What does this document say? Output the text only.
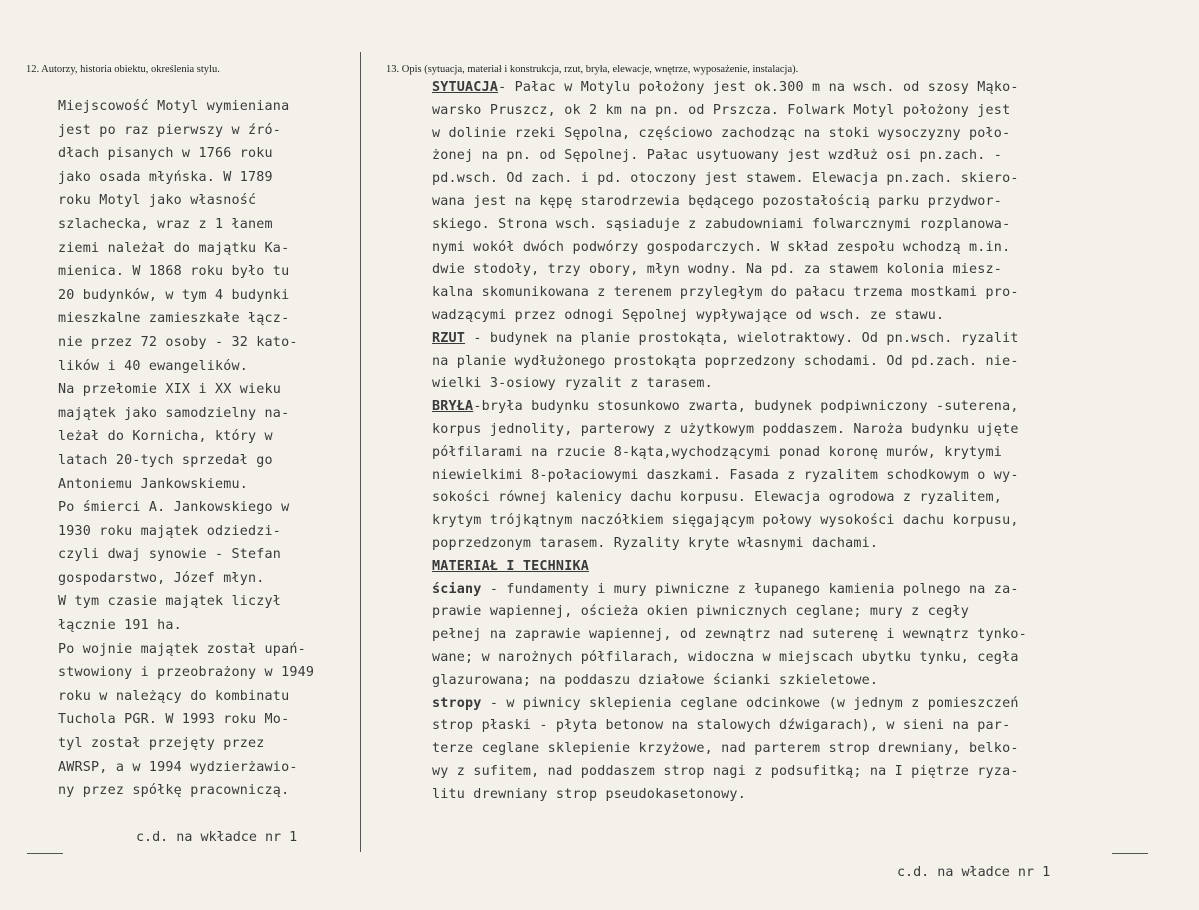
12. Autorzy, historia obiektu, określenia stylu.	13. Opis (sytuacja, materiał i konstrukcja, rzut, bryła, elewacje, wnętrze, wyposażenie, instalacja).
Miejscowość Motyl wymieniana
jest po raz pierwszy w źró-
dłach pisanych w 1766 roku
jako osada młyńska. W 1789
roku Motyl jako własność
szlachecka, wraz z 1 łanem
ziemi należał do majątku Ka-
mienica. W 1868 roku było tu
20 budynków, w tym 4 budynki
mieszkalne zamieszkałe łącz-
nie przez 72 osoby - 32 kato-
lików i 40 ewangelików.
Na przełomie XIX i XX wieku
majątek jako samodzielny na-
leżał do Kornicha, który w
latach 20-tych sprzedał go
Antoniemu Jankowskiemu.
Po śmierci A. Jankowskiego w
1930 roku majątek odziedzi-
czyli dwaj synowie - Stefan
gospodarstwo, Józef młyn.
W tym czasie majątek liczył
łącznie 191 ha.
Po wojnie majątek został upań-
stwowiony i przeobrażony w 1949
roku w należący do kombinatu
Tuchola PGR. W 1993 roku Mo-
tyl został przejęty przez
AWRSP, a w 1994 wydzierżawio-
ny przez spółkę pracowniczą.
c.d. na wkładce nr 1
SYTUACJA- Pałac w Motylu położony jest ok.300 m na wsch. od szosy Mąko-
warsko Pruszcz, ok 2 km na pn. od Prszcza. Folwark Motyl położony jest
w dolinie rzeki Sępolna, częściowo zachodząc na stoki wysoczyzny poło-
żonej na pn. od Sępolnej. Pałac usytuowany jest wzdłuż osi pn.zach. -
pd.wsch. Od zach. i pd. otoczony jest stawem. Elewacja pn.zach. skiero-
wana jest na kępę starodrzewia będącego pozostałością parku przydwor-
skiego. Strona wsch. sąsiaduje z zabudowniami folwarcznymi rozplanowa-
nymi wokół dwóch podwórzy gospodarczych. W skład zespołu wchodzą m.in.
dwie stodoły, trzy obory, młyn wodny. Na pd. za stawem kolonia miesz-
kalna skomunikowana z terenem przyległym do pałacu trzema mostkami pro-
wadzącymi przez odnogi Sępolnej wypływające od wsch. ze stawu.
RZUT - budynek na planie prostokąta, wielotraktowy. Od pn.wsch. ryzalit
na planie wydłużonego prostokąta poprzedzony schodami. Od pd.zach. nie-
wielki 3-osiowy ryzalit z tarasem.
BRYŁA-bryła budynku stosunkowo zwarta, budynek podpiwniczony -suterena,
korpus jednolity, parterowy z użytkowym poddaszem. Naroża budynku ujęte
półfilarami na rzucie 8-kąta,wychodzącymi ponad koronę murów, krytymi
niewielkimi 8-połaciowymi daszkami. Fasada z ryzalitem schodkowym o wy-
sokości równej kalenicy dachu korpusu. Elewacja ogrodowa z ryzalitem,
krytym trójkątnym naczółkiem sięgającym połowy wysokości dachu korpusu,
poprzedzonym tarasem. Ryzality kryte własnymi dachami.
MATERIAŁ I TECHNIKA
ściany - fundamenty i mury piwniczne z łupanego kamienia polnego na za-
prawie wapiennej, ościeża okien piwnicznych ceglane; mury z cegły
pełnej na zaprawie wapiennej, od zewnątrz nad suterenę i wewnątrz tynko-
wane; w narożnych półfilarach, widoczna w miejscach ubytku tynku, cegła
glazurowana; na poddaszu działowe ścianki szkieletowe.
stropy - w piwnicy sklepienia ceglane odcinkowe (w jednym z pomieszczeń
strop płaski - płyta betonow na stalowych dźwigarach), w sieni na par-
terze ceglane sklepienie krzyżowe, nad parterem strop drewniany, belko-
wy z sufitem, nad poddaszem strop nagi z podsufitką; na I piętrze ryza-
litu drewniany strop pseudokasetonowy.
c.d. na władce nr 1
